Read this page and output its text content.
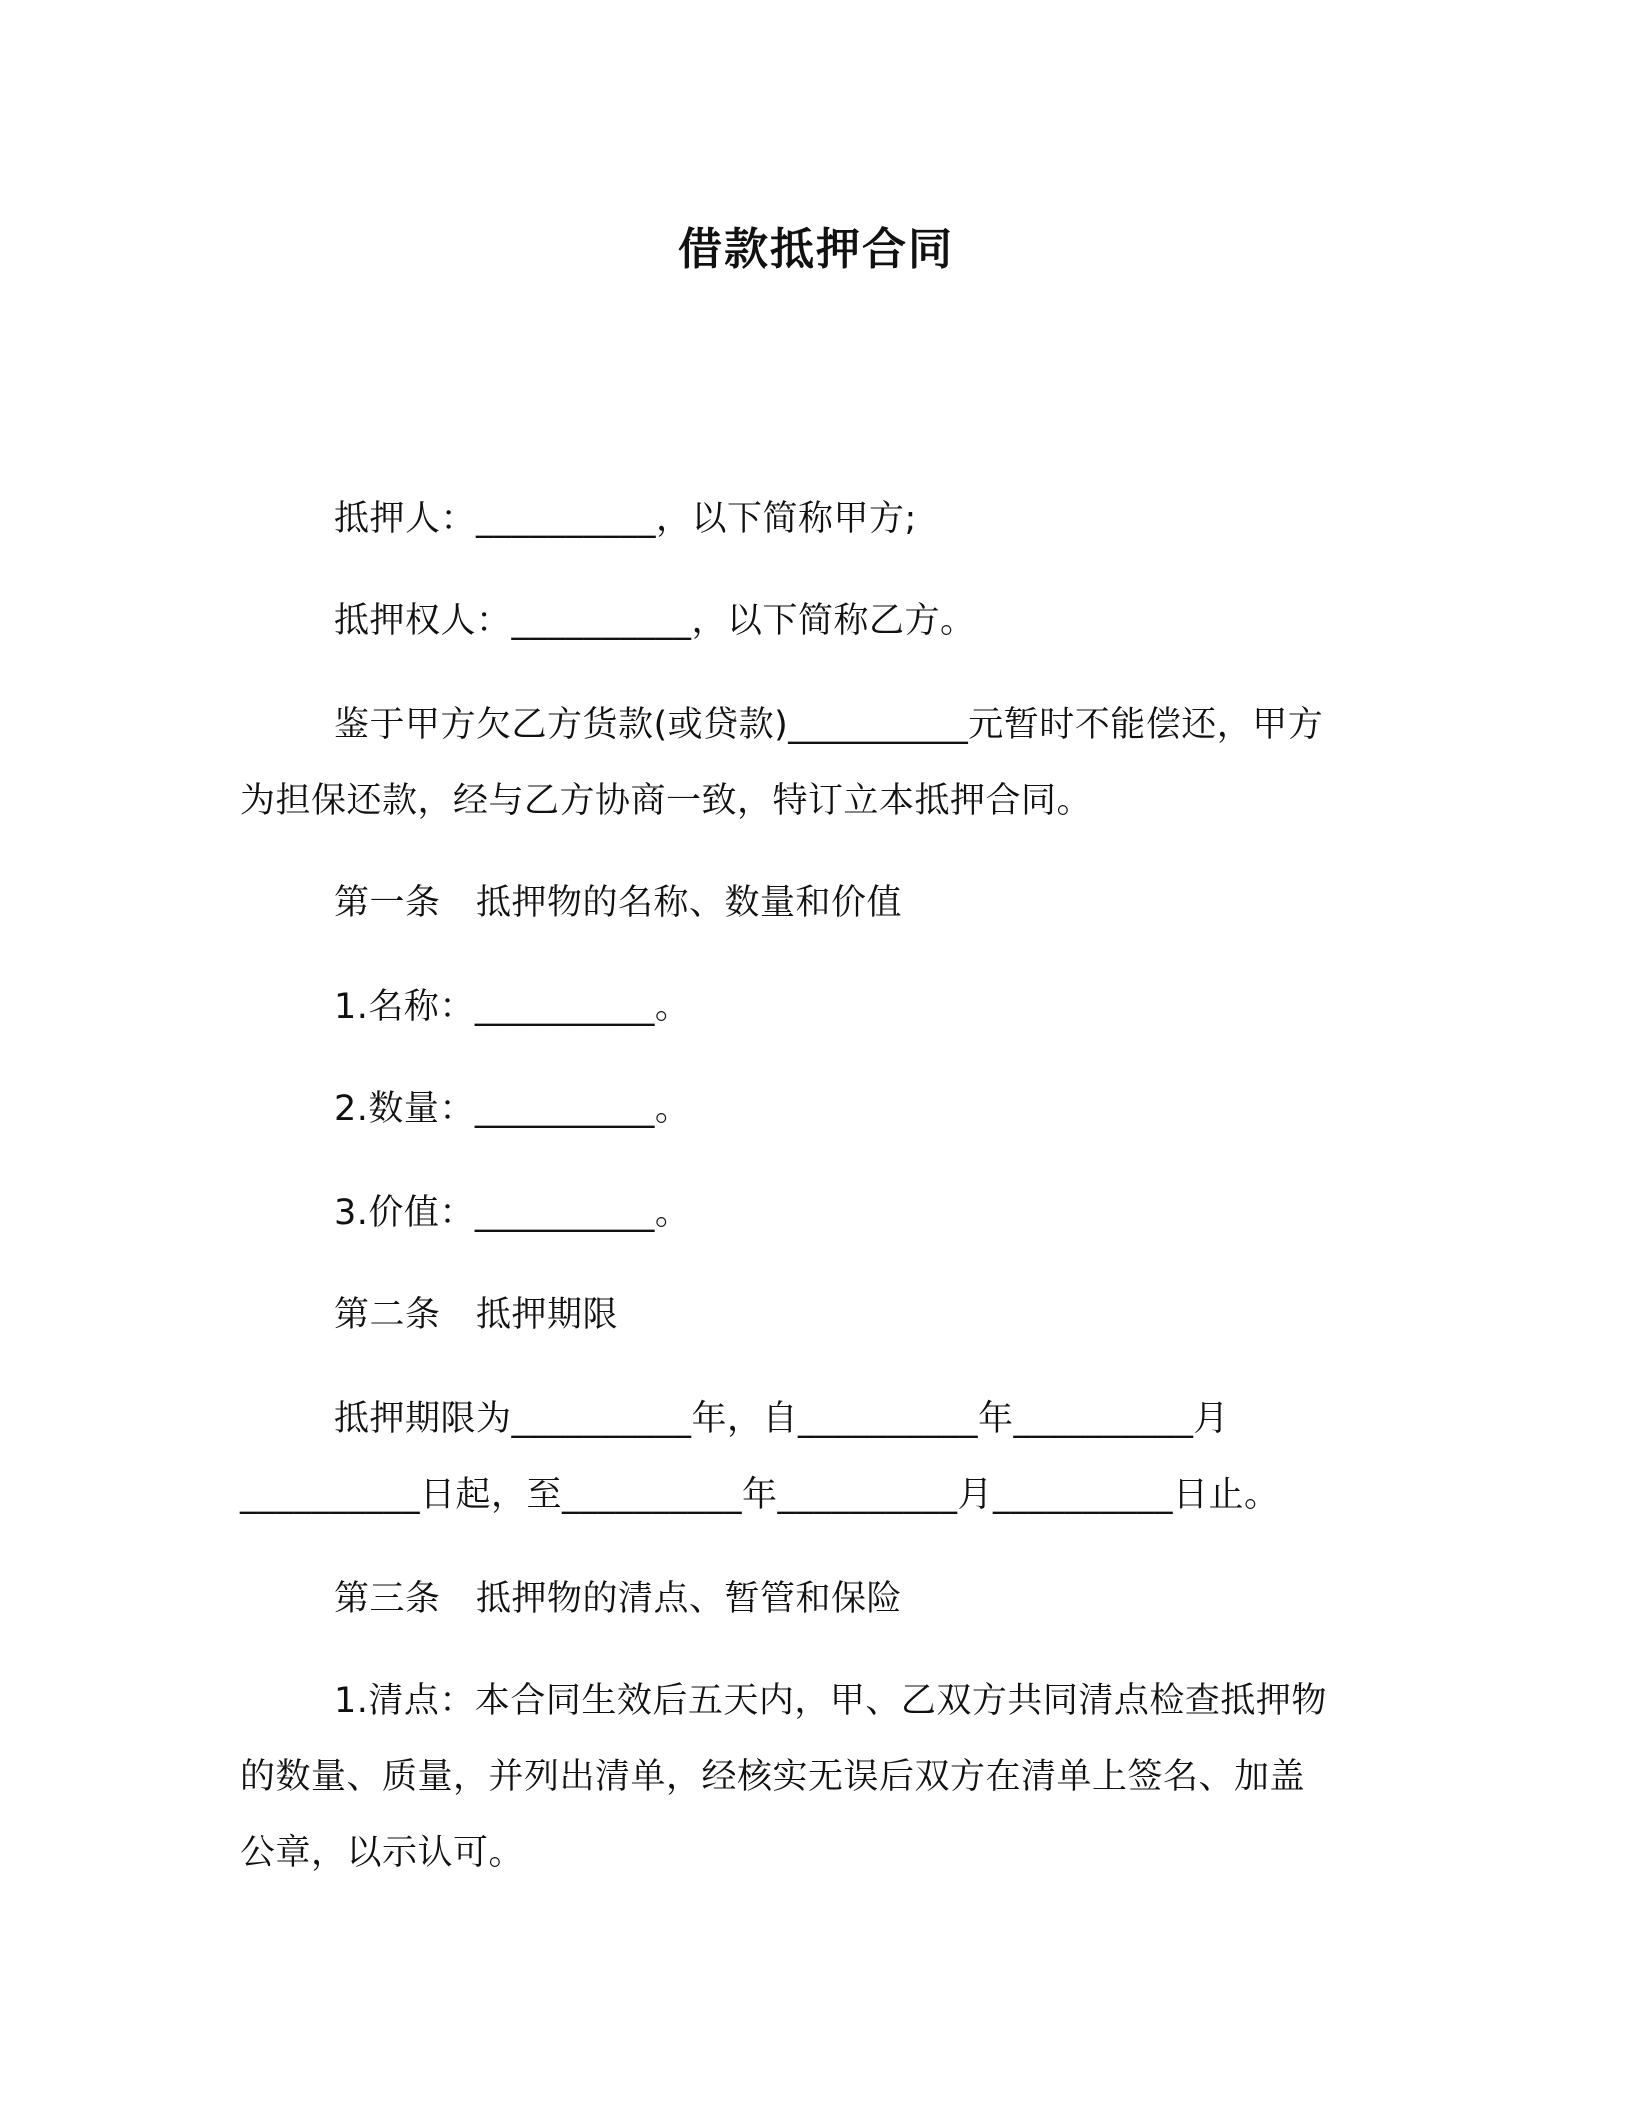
借款抵押合同
抵押人：__________，以下简称甲方;
抵押权人：__________，以下简称乙方。
鉴于甲方欠乙方货款(或贷款)__________元暂时不能偿还，甲方
为担保还款，经与乙方协商一致，特订立本抵押合同。
第一条　抵押物的名称、数量和价值
1.名称：__________。
2.数量：__________。
3.价值：__________。
第二条　抵押期限
抵押期限为__________年，自__________年__________月
__________日起，至__________年__________月__________日止。
第三条　抵押物的清点、暂管和保险
1.清点：本合同生效后五天内，甲、乙双方共同清点检查抵押物
的数量、质量，并列出清单，经核实无误后双方在清单上签名、加盖
公章，以示认可。
